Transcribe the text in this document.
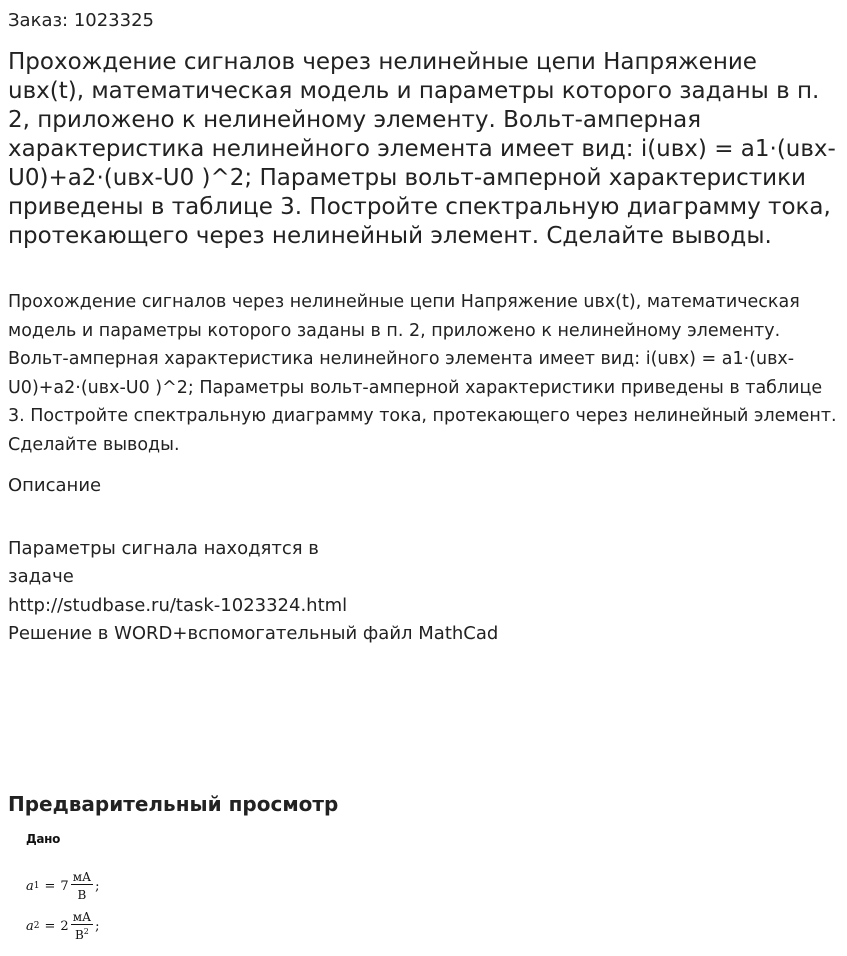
Заказ: 1023325
Прохождение сигналов через нелинейные цепи Напряжение uвх(t), математическая модель и параметры которого заданы в п. 2, приложено к нелинейному элементу. Вольт-амперная характеристика нелинейного элемента имеет вид: i(uвх) = a1·(uвх-U0)+a2·(uвх-U0 )^2; Параметры вольт-амперной характеристики приведены в таблице 3. Постройте спектральную диаграмму тока, протекающего через нелинейный элемент. Сделайте выводы.

Прохождение сигналов через нелинейные цепи Напряжение uвх(t), математическая модель и параметры которого заданы в п. 2, приложено к нелинейному элементу. Вольт-амперная характеристика нелинейного элемента имеет вид: i(uвх) = a1·(uвх-U0)+a2·(uвх-U0 )^2; Параметры вольт-амперной характеристики приведены в таблице 3. Постройте спектральную диаграмму тока, протекающего через нелинейный элемент. Сделайте выводы.

Описание
Параметры сигнала находятся в
задаче
http://studbase.ru/task-1023324.html
Решение в WORD+вспомогательный файл MathCad
Предварительный просмотр
Дано
a $1 = 7 \frac{мА}{В}$ ;
a $2 = 2 \frac{мА}{В^2}$ ;
